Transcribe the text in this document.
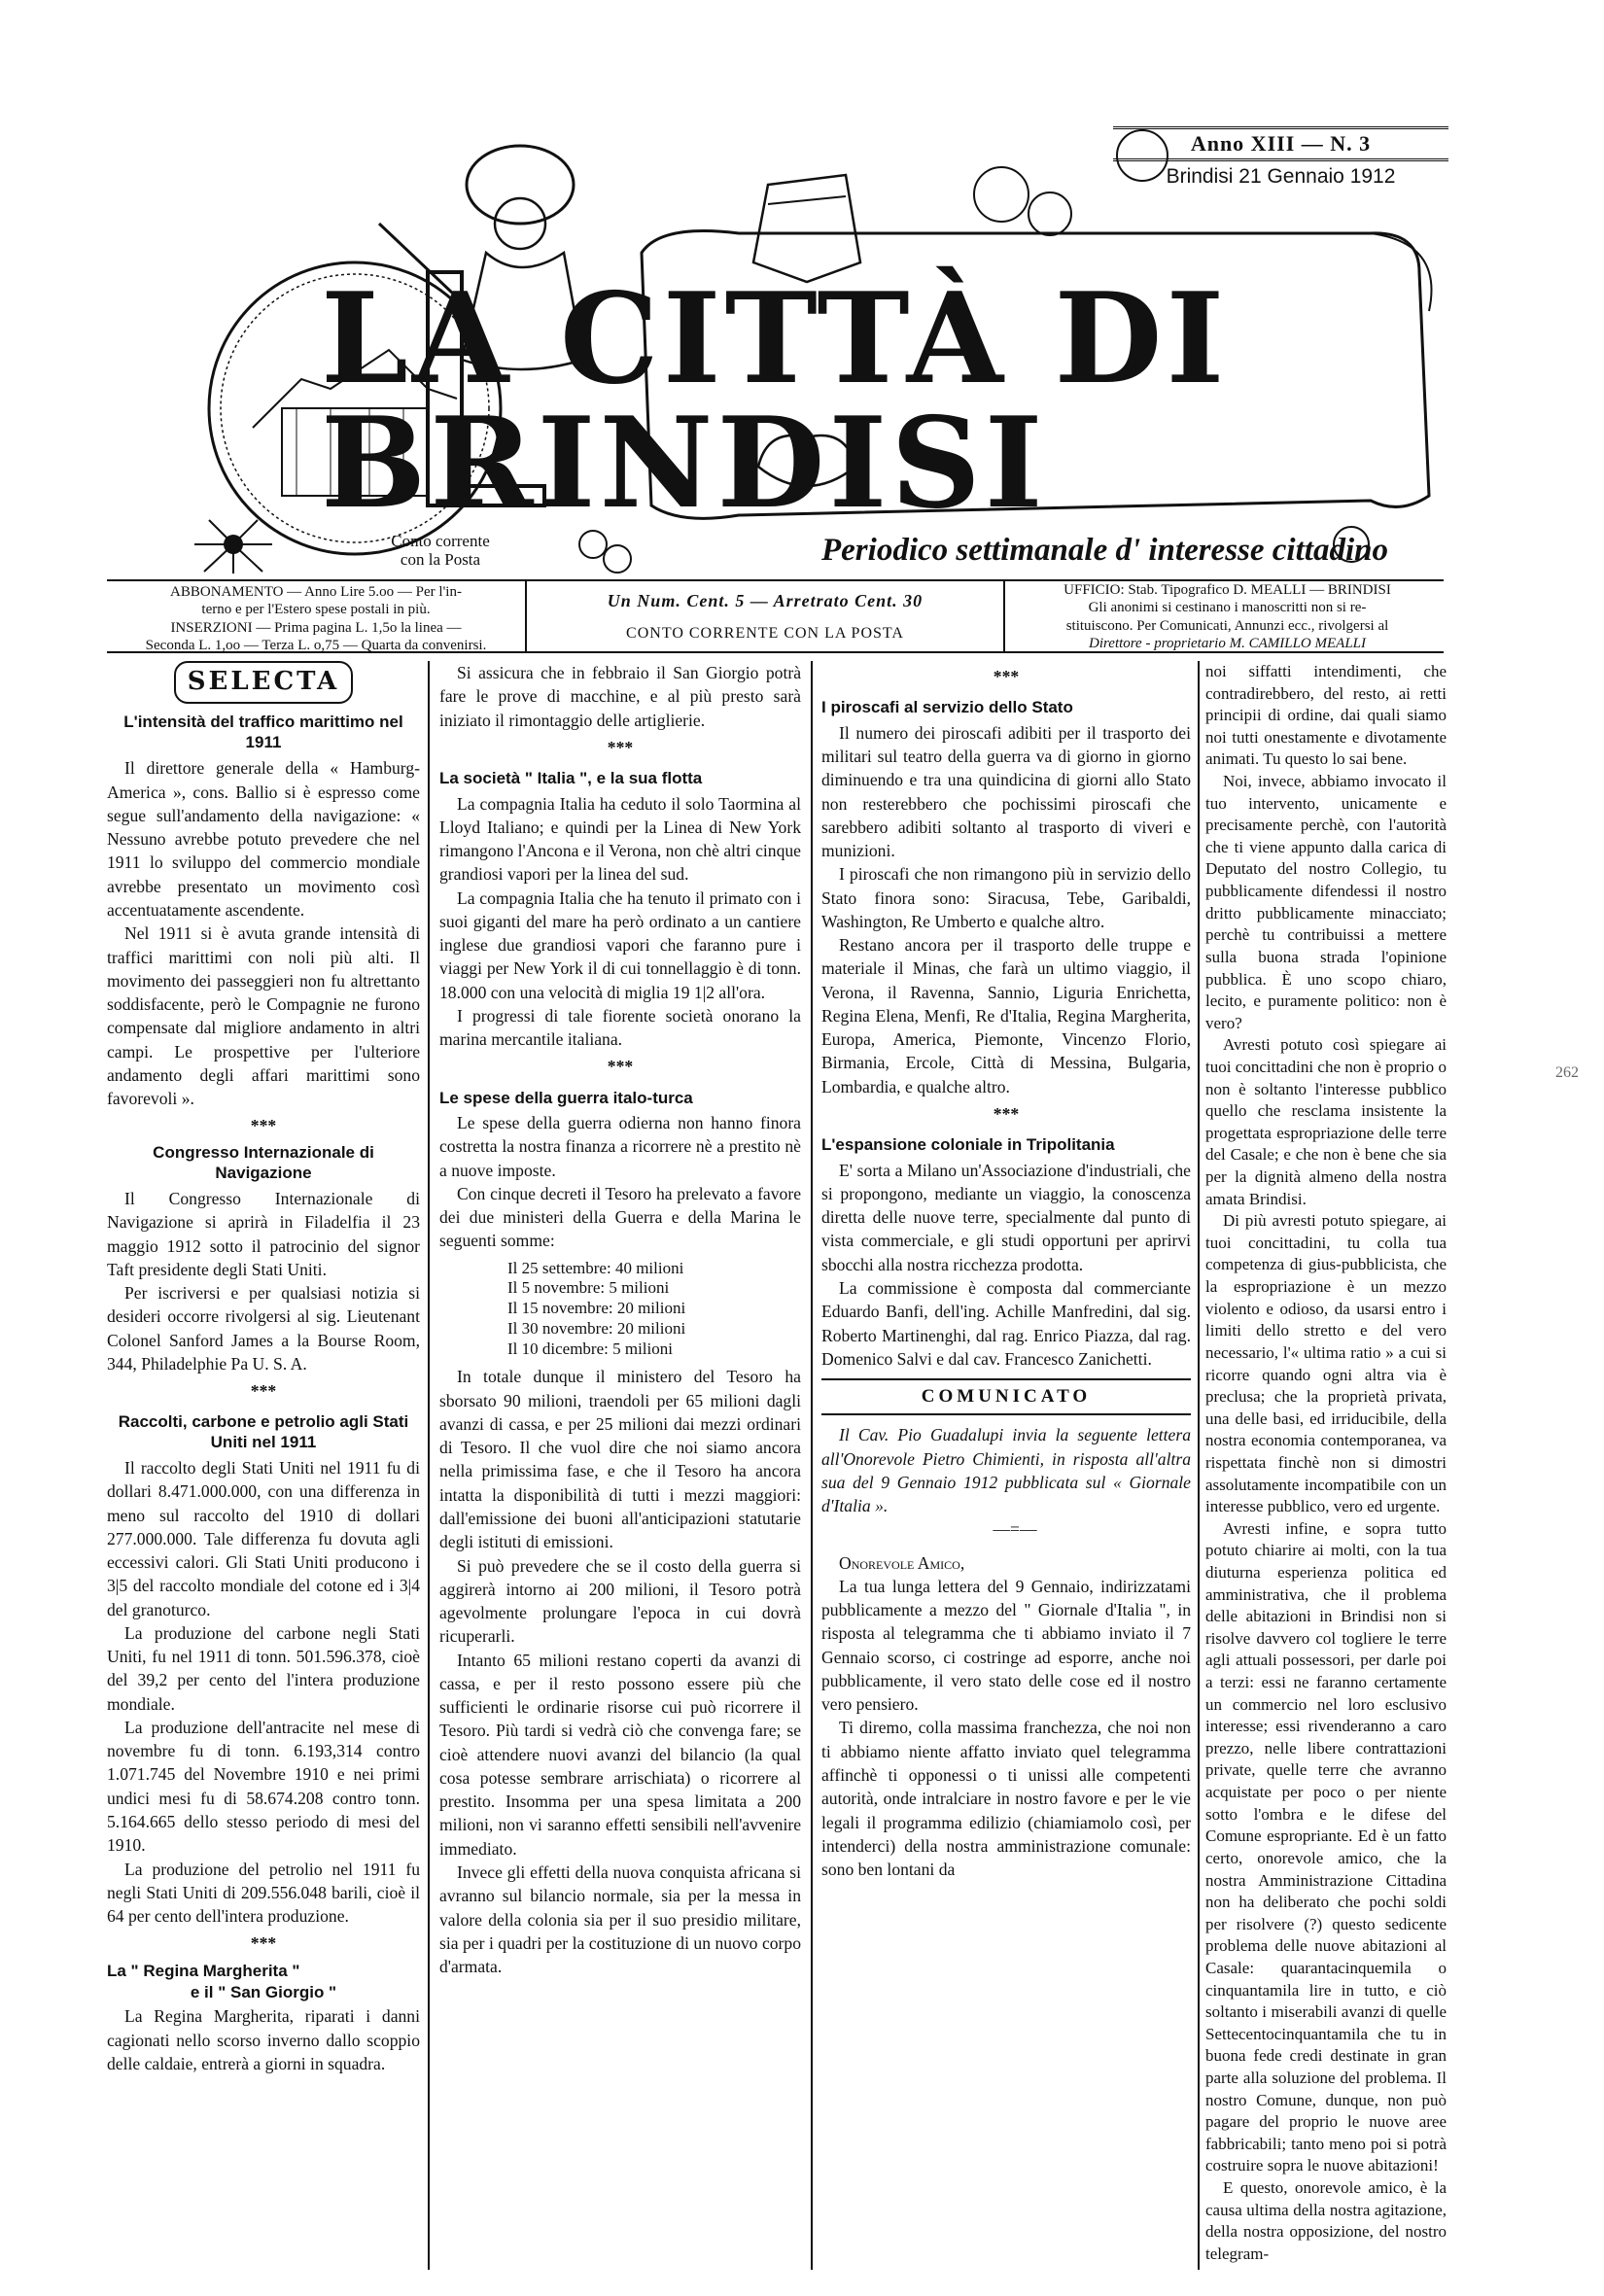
Anno XIII — N. 3
Brindisi 21 Gennaio 1912
LA CITTÀ DI BRINDISI
Conto corrente con la Posta	Periodico settimanale d' interesse cittadino
ABBONAMENTO — Anno Lire 5.oo — Per l'in-
terno e per l'Estero spese postali in più.
INSERZIONI — Prima pagina L. 1,5o la linea —
Seconda L. 1,oo — Terza L. o,75 — Quarta da convenirsi.
Un Num. Cent. 5 — Arretrato Cent. 30
CONTO CORRENTE CON LA POSTA
UFFICIO: Stab. Tipografico D. MEALLI — BRINDISI
Gli anonimi si cestinano i manoscritti non si re-
stituiscono. Per Comunicati, Annunzi ecc., rivolgersi al
Direttore - proprietario M. CAMILLO MEALLI
SELECTA

L'intensità del traffico marittimo nel 1911

Il direttore generale della « Hamburg-America », cons. Ballio si è espresso come segue sull'andamento della navigazione: « Nessuno avrebbe potuto prevedere che nel 1911 lo sviluppo del commercio mondiale avrebbe presentato un movimento così accentuatamente ascendente.

Nel 1911 si è avuta grande intensità di traffici marittimi con noli più alti. Il movimento dei passeggieri non fu altrettanto soddisfacente, però le Compagnie ne furono compensate dal migliore andamento in altri campi. Le prospettive per l'ulteriore andamento degli affari marittimi sono favorevoli ».

***

Congresso Internazionale di Navigazione

Il Congresso Internazionale di Navigazione si aprirà in Filadelfia il 23 maggio 1912 sotto il patrocinio del signor Taft presidente degli Stati Uniti.

Per iscriversi e per qualsiasi notizia si desideri occorre rivolgersi al sig. Lieutenant Colonel Sanford James a la Bourse Room, 344, Philadelphie Pa U. S. A.

***

Raccolti, carbone e petrolio agli Stati Uniti nel 1911

Il raccolto degli Stati Uniti nel 1911 fu di dollari 8.471.000.000, con una differenza in meno sul raccolto del 1910 di dollari 277.000.000. Tale differenza fu dovuta agli eccessivi calori. Gli Stati Uniti producono i 3|5 del raccolto mondiale del cotone ed i 3|4 del granoturco.

La produzione del carbone negli Stati Uniti, fu nel 1911 di tonn. 501.596.378, cioè del 39,2 per cento del l'intera produzione mondiale.

La produzione dell'antracite nel mese di novembre fu di tonn. 6.193,314 contro 1.071.745 del Novembre 1910 e nei primi undici mesi fu di 58.674.208 contro tonn. 5.164.665 dello stesso periodo di mesi del 1910.

La produzione del petrolio nel 1911 fu negli Stati Uniti di 209.556.048 barili, cioè il 64 per cento dell'intera produzione.

***

La " Regina Margherita "

e il " San Giorgio "

La Regina Margherita, riparati i danni cagionati nello scorso inverno dallo scoppio delle caldaie, entrerà a giorni in squadra.

Si assicura che in febbraio il San Giorgio potrà fare le prove di macchine, e al più presto sarà iniziato il rimontaggio delle artiglierie.

***

La società " Italia ", e la sua flotta

La compagnia Italia ha ceduto il solo Taormina al Lloyd Italiano; e quindi per la Linea di New York rimangono l'Ancona e il Verona, non chè altri cinque grandiosi vapori per la linea del sud.

La compagnia Italia che ha tenuto il primato con i suoi giganti del mare ha però ordinato a un cantiere inglese due grandiosi vapori che faranno pure i viaggi per New York il di cui tonnellaggio è di tonn. 18.000 con una velocità di miglia 19 1|2 all'ora.

I progressi di tale fiorente società onorano la marina mercantile italiana.

***

Le spese della guerra italo-turca

Le spese della guerra odierna non hanno finora costretta la nostra finanza a ricorrere nè a prestito nè a nuove imposte.

Con cinque decreti il Tesoro ha prelevato a favore dei due ministeri della Guerra e della Marina le seguenti somme:

Il 25 settembre: 40 milioni

Il 5 novembre: 5 milioni

Il 15 novembre: 20 milioni

Il 30 novembre: 20 milioni

Il 10 dicembre: 5 milioni

In totale dunque il ministero del Tesoro ha sborsato 90 milioni, traendoli per 65 milioni dagli avanzi di cassa, e per 25 milioni dai mezzi ordinari di Tesoro. Il che vuol dire che noi siamo ancora nella primissima fase, e che il Tesoro ha ancora intatta la disponibilità di tutti i mezzi maggiori: dall'emissione dei buoni all'anticipazioni statutarie degli istituti di emissioni.

Si può prevedere che se il costo della guerra si aggirerà intorno ai 200 milioni, il Tesoro potrà agevolmente prolungare l'epoca in cui dovrà ricuperarli.

Intanto 65 milioni restano coperti da avanzi di cassa, e per il resto possono essere più che sufficienti le ordinarie risorse cui può ricorrere il Tesoro. Più tardi si vedrà ciò che convenga fare; se cioè attendere nuovi avanzi del bilancio (la qual cosa potesse sembrare arrischiata) o ricorrere al prestito. Insomma per una spesa limitata a 200 milioni, non vi saranno effetti sensibili nell'avvenire immediato.

Invece gli effetti della nuova conquista africana si avranno sul bilancio normale, sia per la messa in valore della colonia sia per il suo presidio militare, sia per i quadri per la costituzione di un nuovo corpo d'armata.

***

I piroscafi al servizio dello Stato

Il numero dei piroscafi adibiti per il trasporto dei militari sul teatro della guerra va di giorno in giorno diminuendo e tra una quindicina di giorni allo Stato non resterebbero che pochissimi piroscafi che sarebbero adibiti soltanto al trasporto di viveri e munizioni.

I piroscafi che non rimangono più in servizio dello Stato finora sono: Siracusa, Tebe, Garibaldi, Washington, Re Umberto e qualche altro.

Restano ancora per il trasporto delle truppe e materiale il Minas, che farà un ultimo viaggio, il Verona, il Ravenna, Sannio, Liguria Enrichetta, Regina Elena, Menfi, Re d'Italia, Regina Margherita, Europa, America, Piemonte, Vincenzo Florio, Birmania, Ercole, Città di Messina, Bulgaria, Lombardia, e qualche altro.

***

L'espansione coloniale in Tripolitania

E' sorta a Milano un'Associazione d'industriali, che si propongono, mediante un viaggio, la conoscenza diretta delle nuove terre, specialmente dal punto di vista commerciale, e gli studi opportuni per aprirvi sbocchi alla nostra ricchezza prodotta.

La commissione è composta dal commerciante Eduardo Banfi, dell'ing. Achille Manfredini, dal sig. Roberto Martinenghi, dal rag. Enrico Piazza, dal rag. Domenico Salvi e dal cav. Francesco Zanichetti.

COMUNICATO

Il Cav. Pio Guadalupi invia la seguente lettera all'Onorevole Pietro Chimienti, in risposta all'altra sua del 9 Gennaio 1912 pubblicata sul « Giornale d'Italia ».

—=—

Onorevole Amico,

La tua lunga lettera del 9 Gennaio, indirizzatami pubblicamente a mezzo del " Giornale d'Italia ", in risposta al telegramma che ti abbiamo inviato il 7 Gennaio scorso, ci costringe ad esporre, anche noi pubblicamente, il vero stato delle cose ed il nostro vero pensiero.

Ti diremo, colla massima franchezza, che noi non ti abbiamo niente affatto inviato quel telegramma affinchè ti opponessi o ti unissi alle competenti autorità, onde intralciare in nostro favore e per le vie legali il programma edilizio (chiamiamolo così, per intenderci) della nostra amministrazione comunale: sono ben lontani da

noi siffatti intendimenti, che contradirebbero, del resto, ai retti principii di ordine, dai quali siamo noi tutti onestamente e divotamente animati. Tu questo lo sai bene.

Noi, invece, abbiamo invocato il tuo intervento, unicamente e precisamente perchè, con l'autorità che ti viene appunto dalla carica di Deputato del nostro Collegio, tu pubblicamente difendessi il nostro dritto pubblicamente minacciato; perchè tu contribuissi a mettere sulla buona strada l'opinione pubblica. È uno scopo chiaro, lecito, e puramente politico: non è vero?

Avresti potuto così spiegare ai tuoi concittadini che non è proprio o non è soltanto l'interesse pubblico quello che resclama insistente la progettata espropriazione delle terre del Casale; e che non è bene che sia per la dignità almeno della nostra amata Brindisi.

Di più avresti potuto spiegare, ai tuoi concittadini, tu colla tua competenza di gius-pubblicista, che la espropriazione è un mezzo violento e odioso, da usarsi entro i limiti dello stretto e del vero necessario, l'« ultima ratio » a cui si ricorre quando ogni altra via è preclusa; che la proprietà privata, una delle basi, ed irriducibile, della nostra economia contemporanea, va rispettata finchè non si dimostri assolutamente incompatibile con un interesse pubblico, vero ed urgente.

Avresti infine, e sopra tutto potuto chiarire ai molti, con la tua diuturna esperienza politica ed amministrativa, che il problema delle abitazioni in Brindisi non si risolve davvero col togliere le terre agli attuali possessori, per darle poi a terzi: essi ne faranno certamente un commercio nel loro esclusivo interesse; essi rivenderanno a caro prezzo, nelle libere contrattazioni private, quelle terre che avranno acquistate per poco o per niente sotto l'ombra e le difese del Comune espropriante. Ed è un fatto certo, onorevole amico, che la nostra Amministrazione Cittadina non ha deliberato che pochi soldi per risolvere (?) questo sedicente problema delle nuove abitazioni al Casale: quarantacinquemila o cinquantamila lire in tutto, e ciò soltanto i miserabili avanzi di quelle Settecentocinquantamila che tu in buona fede credi destinate in gran parte alla soluzione del problema. Il nostro Comune, dunque, non può pagare del proprio le nuove aree fabbricabili; tanto meno poi si potrà costruire sopra le nuove abitazioni!

E questo, onorevole amico, è la causa ultima della nostra agitazione, della nostra opposizione, del nostro telegram-

262
